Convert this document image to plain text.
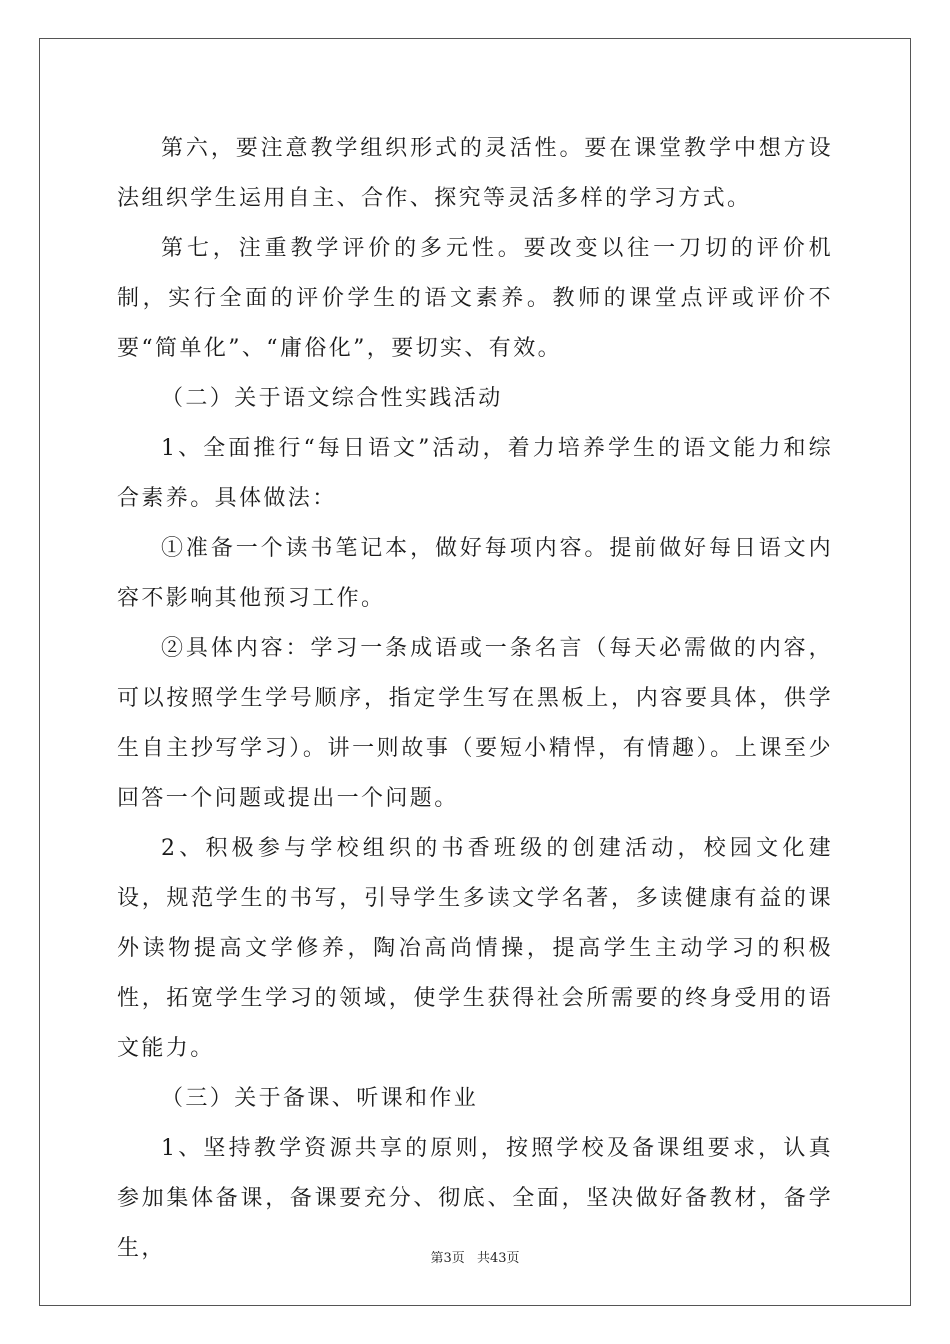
第六，要注意教学组织形式的灵活性。要在课堂教学中想方设法组织学生运用自主、合作、探究等灵活多样的学习方式。

第七，注重教学评价的多元性。要改变以往一刀切的评价机制，实行全面的评价学生的语文素养。教师的课堂点评或评价不要“简单化”、“庸俗化”，要切实、有效。

（二）关于语文综合性实践活动

1、全面推行“每日语文”活动，着力培养学生的语文能力和综合素养。具体做法：

①准备一个读书笔记本，做好每项内容。提前做好每日语文内容不影响其他预习工作。

②具体内容：学习一条成语或一条名言（每天必需做的内容，可以按照学生学号顺序，指定学生写在黑板上，内容要具体，供学生自主抄写学习）。讲一则故事（要短小精悍，有情趣）。上课至少回答一个问题或提出一个问题。

2、积极参与学校组织的书香班级的创建活动，校园文化建设，规范学生的书写，引导学生多读文学名著，多读健康有益的课外读物提高文学修养，陶冶高尚情操，提高学生主动学习的积极性，拓宽学生学习的领域，使学生获得社会所需要的终身受用的语文能力。

（三）关于备课、听课和作业

1、坚持教学资源共享的原则，按照学校及备课组要求，认真参加集体备课，备课要充分、彻底、全面，坚决做好备教材，备学生，	第3页 共43页
